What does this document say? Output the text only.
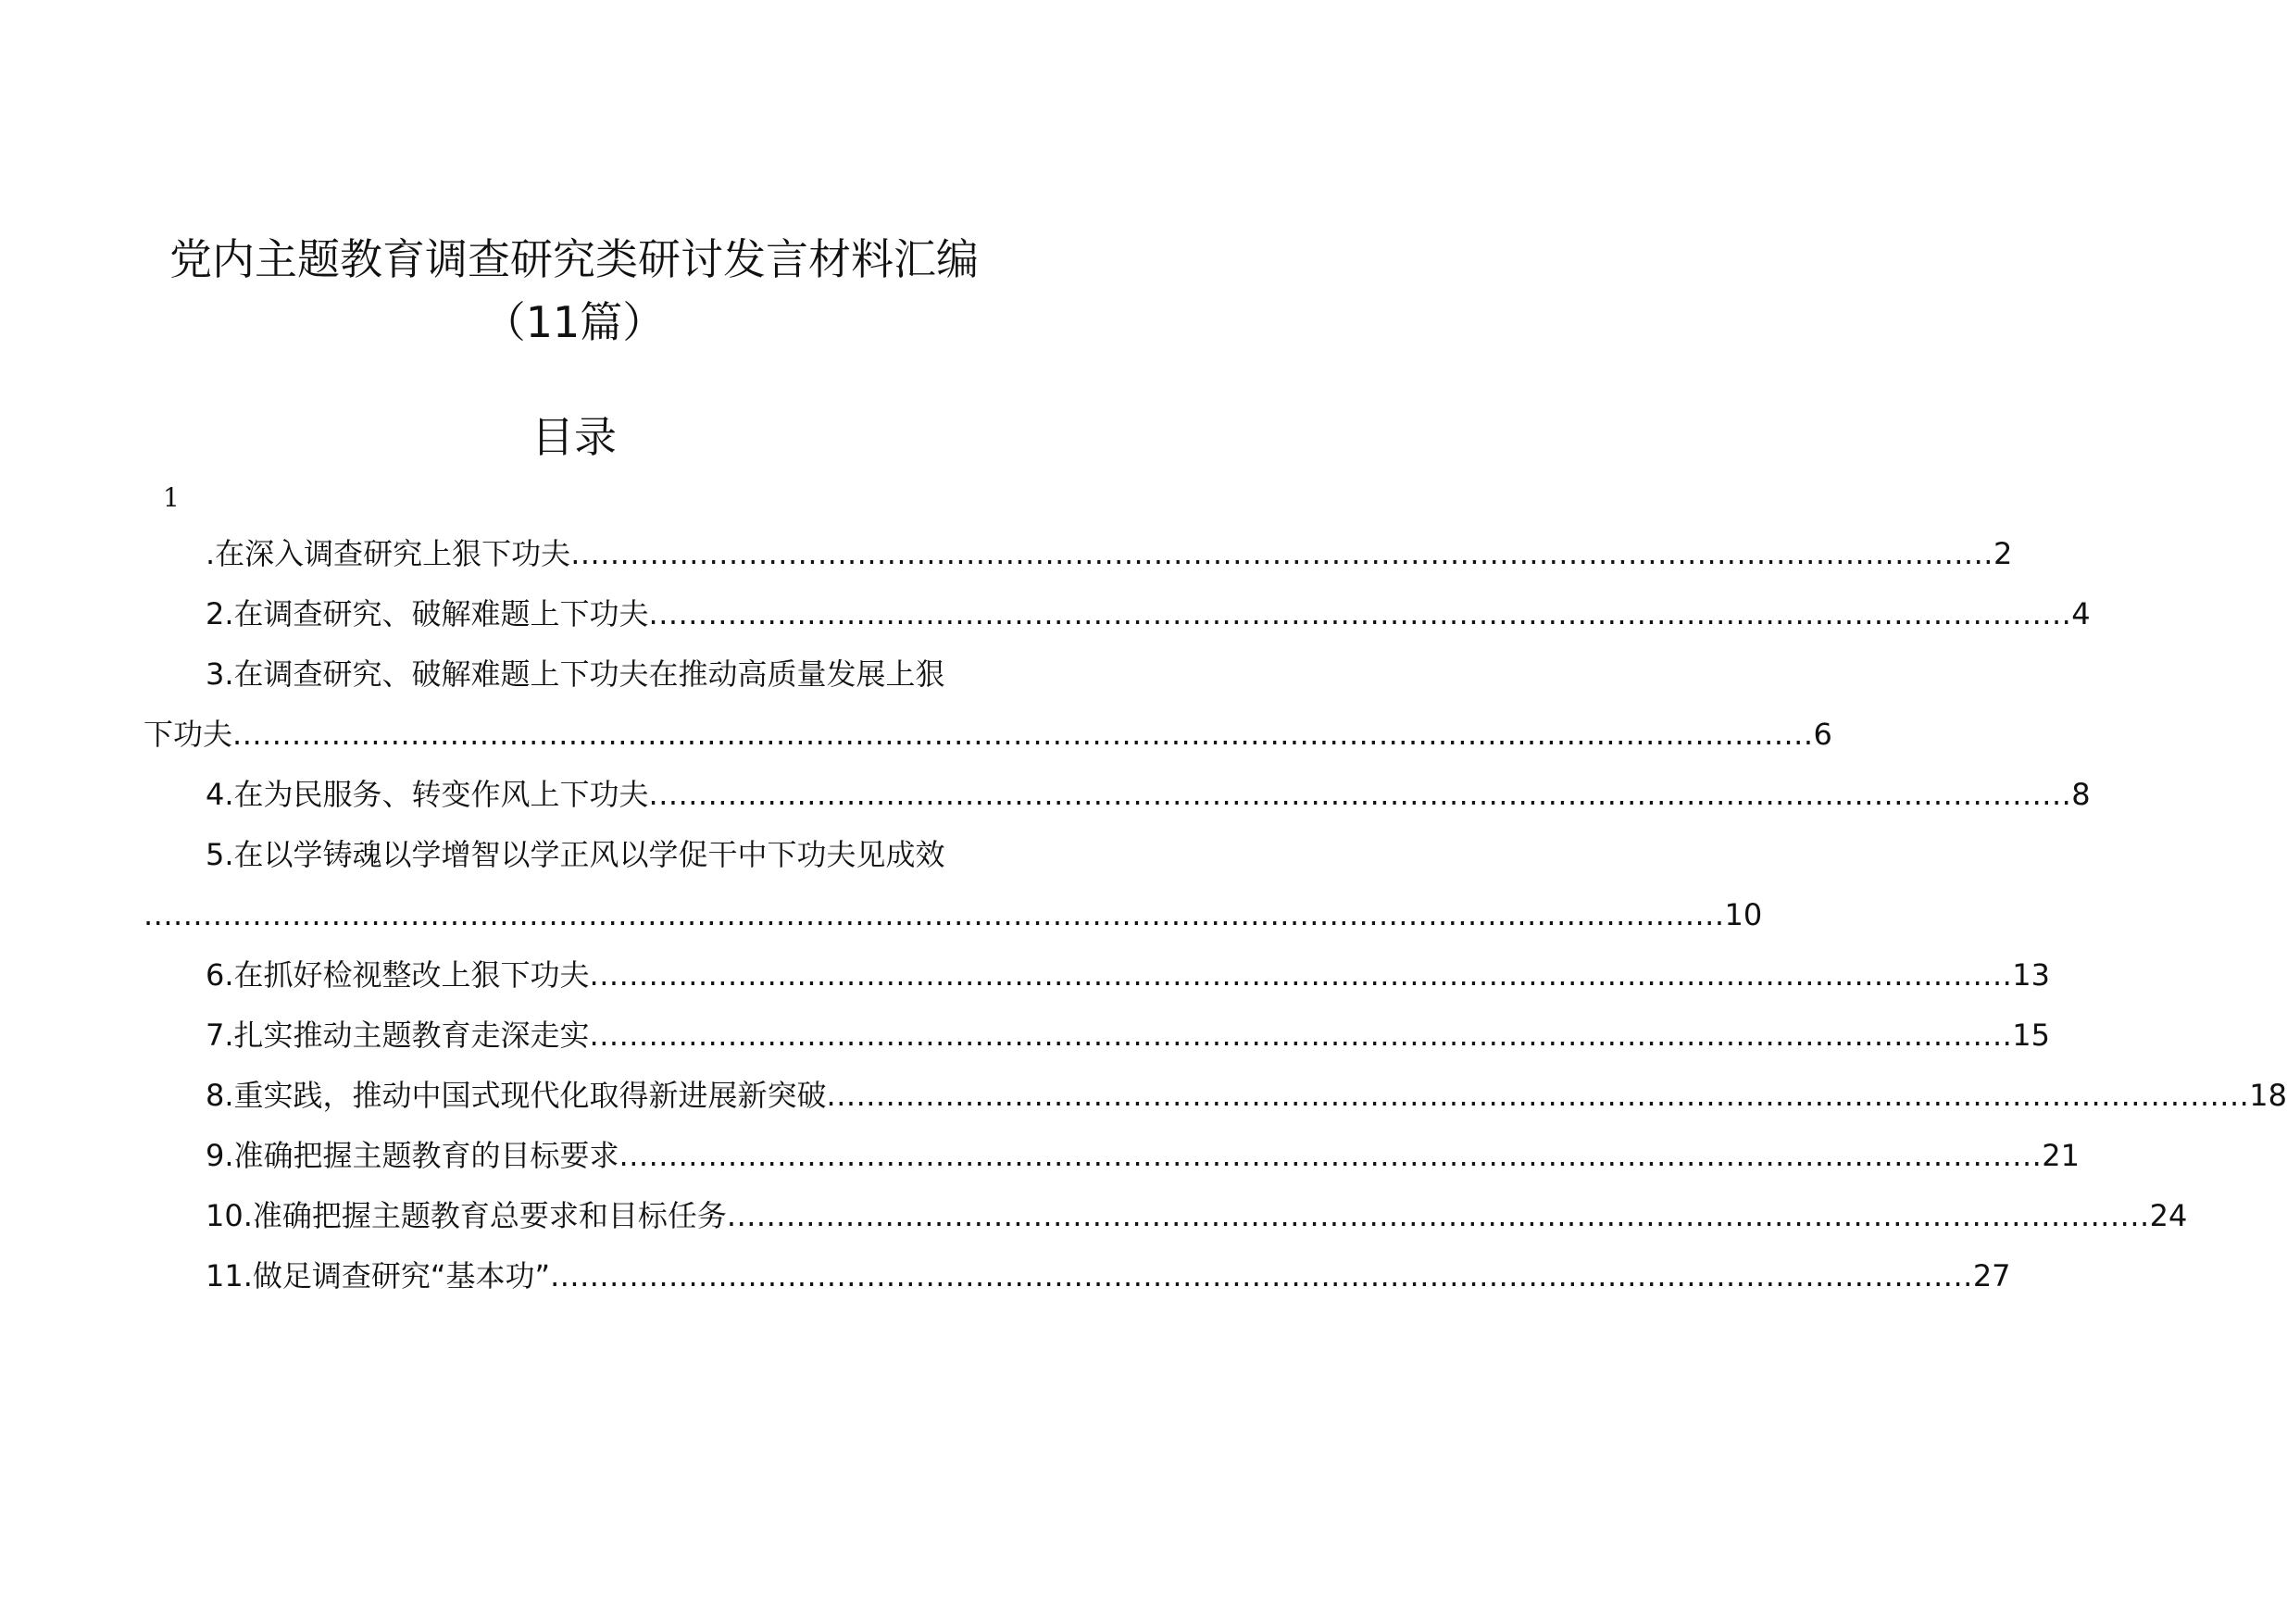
党内主题教育调查研究类研讨发言材料汇编
（11篇）
目录
1
.在深入调查研究上狠下功夫 ................................................................................................................................................ 2
2.在调查研究、破解难题上下功夫 ................................................................................................................................................ 4
3.在调查研究、破解难题上下功夫在推动高质量发展上狠
下功夫 ................................................................................................................................................................ 6
4.在为民服务、转变作风上下功夫 ................................................................................................................................................ 8
5.在以学铸魂以学增智以学正风以学促干中下功夫见成效
................................................................................................................................................................ 10
6.在抓好检视整改上狠下功夫 ................................................................................................................................................ 13
7.扎实推动主题教育走深走实 ................................................................................................................................................ 15
8.重实践，推动中国式现代化取得新进展新突破 ................................................................................................................................................ 18
9.准确把握主题教育的目标要求 ................................................................................................................................................ 21
10.准确把握主题教育总要求和目标任务 ................................................................................................................................................ 24
11.做足调查研究“基本功” ................................................................................................................................................ 27
